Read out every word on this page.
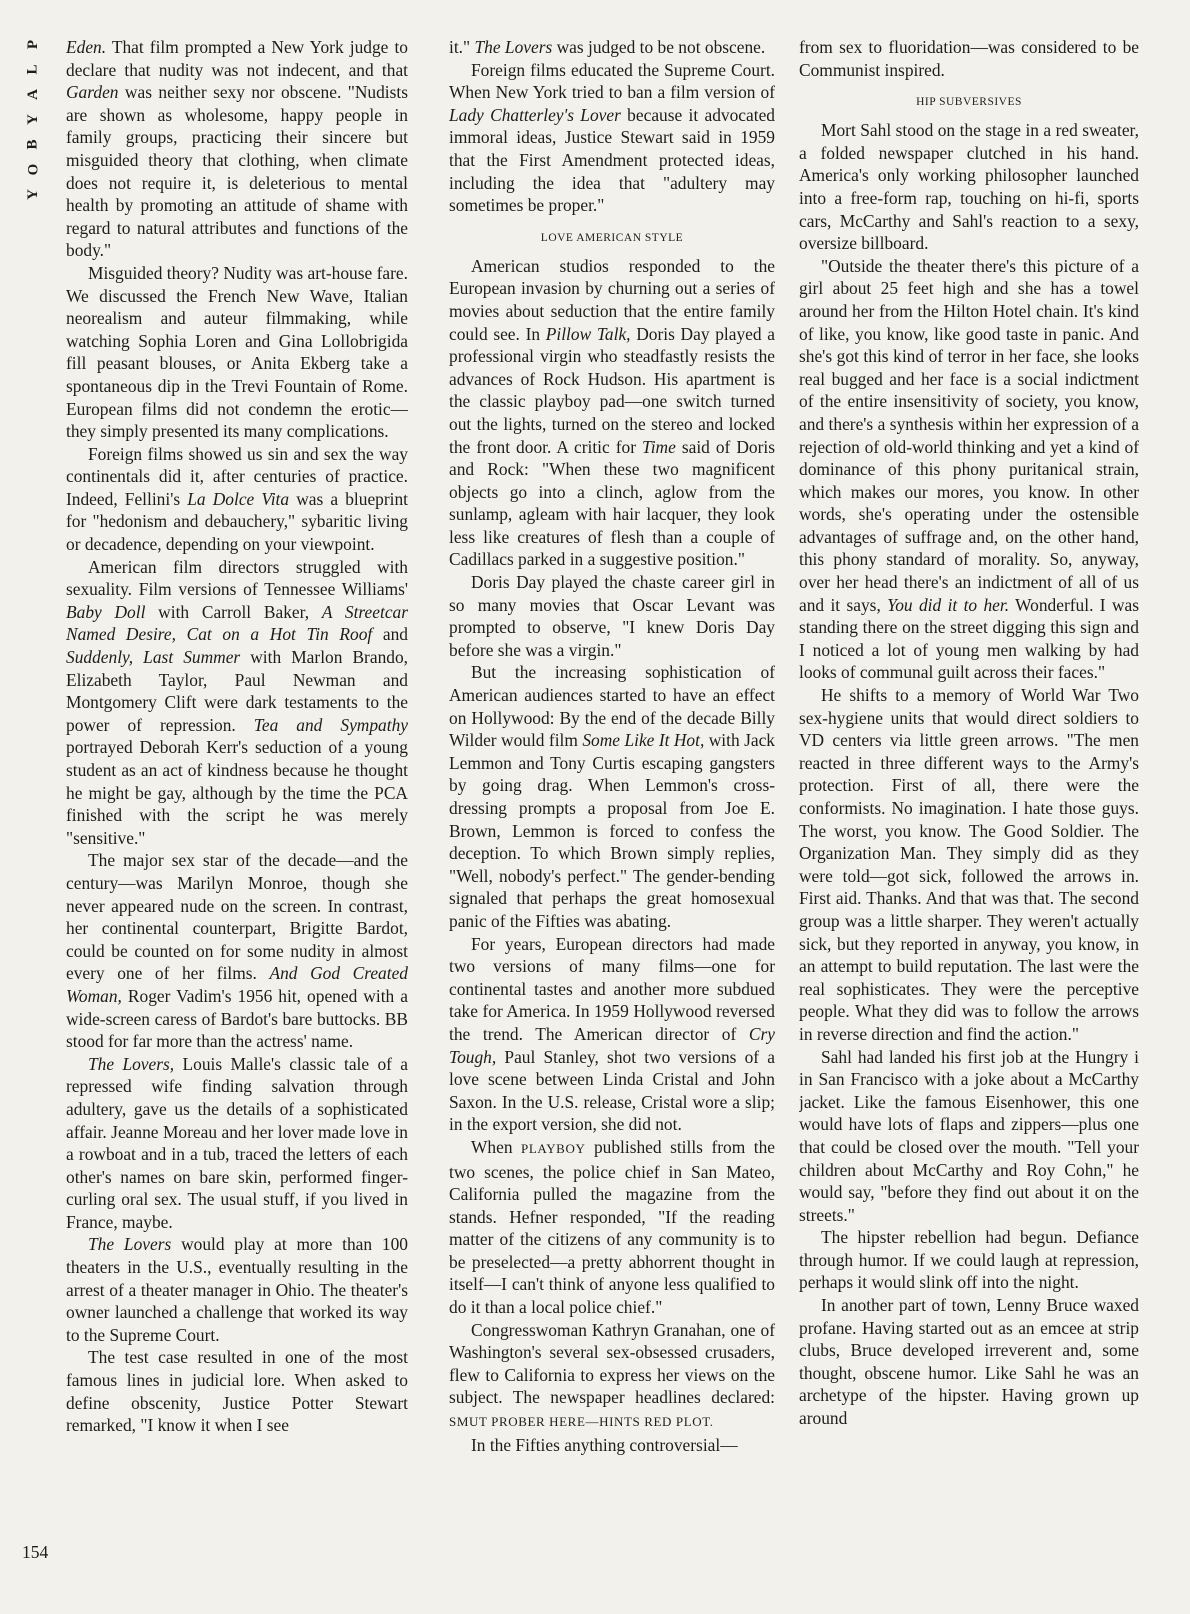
P
L
A
Y
B
O
Y
154

Eden. That film prompted a New York judge to declare that nudity was not indecent, and that Garden was neither sexy nor obscene. "Nudists are shown as wholesome, happy people in family groups, practicing their sincere but misguided theory that clothing, when climate does not require it, is deleterious to mental health by promoting an attitude of shame with regard to natural attributes and functions of the body."

Misguided theory? Nudity was art-house fare. We discussed the French New Wave, Italian neorealism and auteur filmmaking, while watching Sophia Loren and Gina Lollobrigida fill peasant blouses, or Anita Ekberg take a spontaneous dip in the Trevi Fountain of Rome. European films did not condemn the erotic—they simply presented its many complications.

Foreign films showed us sin and sex the way continentals did it, after centuries of practice. Indeed, Fellini's La Dolce Vita was a blueprint for "hedonism and debauchery," sybaritic living or decadence, depending on your viewpoint.

American film directors struggled with sexuality. Film versions of Tennessee Williams' Baby Doll with Carroll Baker, A Streetcar Named Desire, Cat on a Hot Tin Roof and Suddenly, Last Summer with Marlon Brando, Elizabeth Taylor, Paul Newman and Montgomery Clift were dark testaments to the power of repression. Tea and Sympathy portrayed Deborah Kerr's seduction of a young student as an act of kindness because he thought he might be gay, although by the time the PCA finished with the script he was merely "sensitive."

The major sex star of the decade—and the century—was Marilyn Monroe, though she never appeared nude on the screen. In contrast, her continental counterpart, Brigitte Bardot, could be counted on for some nudity in almost every one of her films. And God Created Woman, Roger Vadim's 1956 hit, opened with a wide-screen caress of Bardot's bare buttocks. BB stood for far more than the actress' name.

The Lovers, Louis Malle's classic tale of a repressed wife finding salvation through adultery, gave us the details of a sophisticated affair. Jeanne Moreau and her lover made love in a rowboat and in a tub, traced the letters of each other's names on bare skin, performed finger-curling oral sex. The usual stuff, if you lived in France, maybe.

The Lovers would play at more than 100 theaters in the U.S., eventually resulting in the arrest of a theater manager in Ohio. The theater's owner launched a challenge that worked its way to the Supreme Court.

The test case resulted in one of the most famous lines in judicial lore. When asked to define obscenity, Justice Potter Stewart remarked, "I know it when I see

it." The Lovers was judged to be not obscene.

Foreign films educated the Supreme Court. When New York tried to ban a film version of Lady Chatterley's Lover because it advocated immoral ideas, Justice Stewart said in 1959 that the First Amendment protected ideas, including the idea that "adultery may sometimes be proper."

LOVE AMERICAN STYLE

American studios responded to the European invasion by churning out a series of movies about seduction that the entire family could see. In Pillow Talk, Doris Day played a professional virgin who steadfastly resists the advances of Rock Hudson. His apartment is the classic playboy pad—one switch turned out the lights, turned on the stereo and locked the front door. A critic for Time said of Doris and Rock: "When these two magnificent objects go into a clinch, aglow from the sunlamp, agleam with hair lacquer, they look less like creatures of flesh than a couple of Cadillacs parked in a suggestive position."

Doris Day played the chaste career girl in so many movies that Oscar Levant was prompted to observe, "I knew Doris Day before she was a virgin."

But the increasing sophistication of American audiences started to have an effect on Hollywood: By the end of the decade Billy Wilder would film Some Like It Hot, with Jack Lemmon and Tony Curtis escaping gangsters by going drag. When Lemmon's cross-dressing prompts a proposal from Joe E. Brown, Lemmon is forced to confess the deception. To which Brown simply replies, "Well, nobody's perfect." The gender-bending signaled that perhaps the great homosexual panic of the Fifties was abating.

For years, European directors had made two versions of many films—one for continental tastes and another more subdued take for America. In 1959 Hollywood reversed the trend. The American director of Cry Tough, Paul Stanley, shot two versions of a love scene between Linda Cristal and John Saxon. In the U.S. release, Cristal wore a slip; in the export version, she did not.

When PLAYBOY published stills from the two scenes, the police chief in San Mateo, California pulled the magazine from the stands. Hefner responded, "If the reading matter of the citizens of any community is to be preselected—a pretty abhorrent thought in itself—I can't think of anyone less qualified to do it than a local police chief."

Congresswoman Kathryn Granahan, one of Washington's several sex-obsessed crusaders, flew to California to express her views on the subject. The newspaper headlines declared: SMUT PROBER HERE—HINTS RED PLOT.

In the Fifties anything controversial—

from sex to fluoridation—was considered to be Communist inspired.

HIP SUBVERSIVES

Mort Sahl stood on the stage in a red sweater, a folded newspaper clutched in his hand. America's only working philosopher launched into a free-form rap, touching on hi-fi, sports cars, McCarthy and Sahl's reaction to a sexy, oversize billboard.

"Outside the theater there's this picture of a girl about 25 feet high and she has a towel around her from the Hilton Hotel chain. It's kind of like, you know, like good taste in panic. And she's got this kind of terror in her face, she looks real bugged and her face is a social indictment of the entire insensitivity of society, you know, and there's a synthesis within her expression of a rejection of old-world thinking and yet a kind of dominance of this phony puritanical strain, which makes our mores, you know. In other words, she's operating under the ostensible advantages of suffrage and, on the other hand, this phony standard of morality. So, anyway, over her head there's an indictment of all of us and it says, You did it to her. Wonderful. I was standing there on the street digging this sign and I noticed a lot of young men walking by had looks of communal guilt across their faces."

He shifts to a memory of World War Two sex-hygiene units that would direct soldiers to VD centers via little green arrows. "The men reacted in three different ways to the Army's protection. First of all, there were the conformists. No imagination. I hate those guys. The worst, you know. The Good Soldier. The Organization Man. They simply did as they were told—got sick, followed the arrows in. First aid. Thanks. And that was that. The second group was a little sharper. They weren't actually sick, but they reported in anyway, you know, in an attempt to build reputation. The last were the real sophisticates. They were the perceptive people. What they did was to follow the arrows in reverse direction and find the action."

Sahl had landed his first job at the Hungry i in San Francisco with a joke about a McCarthy jacket. Like the famous Eisenhower, this one would have lots of flaps and zippers—plus one that could be closed over the mouth. "Tell your children about McCarthy and Roy Cohn," he would say, "before they find out about it on the streets."

The hipster rebellion had begun. Defiance through humor. If we could laugh at repression, perhaps it would slink off into the night.

In another part of town, Lenny Bruce waxed profane. Having started out as an emcee at strip clubs, Bruce developed irreverent and, some thought, obscene humor. Like Sahl he was an archetype of the hipster. Having grown up around
